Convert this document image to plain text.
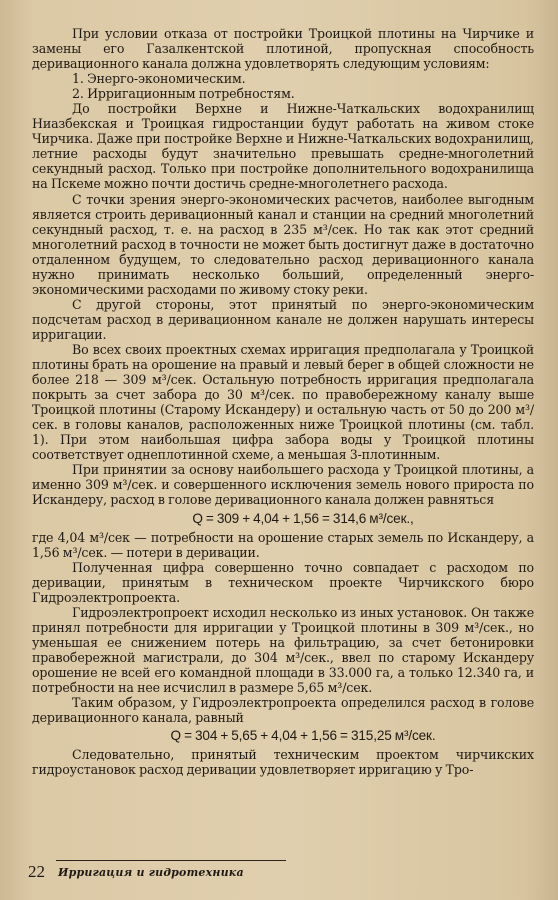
При условии отказа от постройки Троицкой плотины на Чирчике и замены его Газалкентской плотиной, пропускная способность деривационного канала должна удовлетворять следующим условиям:

1. Энерго-экономическим.

2. Ирригационным потребностям.

До постройки Верхне и Нижне-Чаткальских водохранилищ Ниазбекская и Троицкая гидростанции будут работать на живом стоке Чирчика. Даже при постройке Верхне и Нижне-Чаткальских водохранилищ, летние расходы будут значительно превышать средне-многолетний секундный расход. Только при постройке дополнительного водохранилища на Пскеме можно почти достичь средне-многолетнего расхода.

С точки зрения энерго-экономических расчетов, наиболее выгодным является строить деривационный канал и станции на средний многолетний секундный расход, т. е. на расход в 235 м³/сек. Но так как этот средний многолетний расход в точности не может быть достигнут даже в достаточно отдаленном будущем, то следовательно расход деривационного канала нужно принимать несколько больший, определенный энерго-экономическими расходами по живому стоку реки.

С другой стороны, этот принятый по энерго-экономическим подсчетам расход в деривационном канале не должен нарушать интересы ирригации.

Во всех своих проектных схемах ирригация предполагала у Троицкой плотины брать на орошение на правый и левый берег в общей сложности не более 218 — 309 м³/сек. Остальную потребность ирригация предполагала покрыть за счет забора до 30 м³/сек. по правобережному каналу выше Троицкой плотины (Старому Искандеру) и остальную часть от 50 до 200 м³/сек. в головы каналов, расположенных ниже Троицкой плотины (см. табл. 1). При этом наибольшая цифра забора воды у Троицкой плотины соответствует однеплотинной схеме, а меньшая 3-плотинным.

При принятии за основу наибольшего расхода у Троицкой плотины, а именно 309 м³/сек. и совершенного исключения земель нового прироста по Искандеру, расход в голове деривационного канала должен равняться

Q = 309 + 4,04 + 1,56 = 314,6 м³/сек.,

где 4,04 м³/сек — потребности на орошение старых земель по Искандеру, а 1,56 м³/сек. — потери в деривации.

Полученная цифра совершенно точно совпадает с расходом по деривации, принятым в техническом проекте Чирчикского бюро Гидроэлектропроекта.

Гидроэлектропроект исходил несколько из иных установок. Он также принял потребности для ирригации у Троицкой плотины в 309 м³/сек., но уменьшая ее снижением потерь на фильтрацию, за счет бетонировки правобережной магистрали, до 304 м³/сек., ввел по старому Искандеру орошение не всей его командной площади в 33.000 га, а только 12.340 га, и потребности на нее исчислил в размере 5,65 м³/сек.

Таким образом, у Гидроэлектропроекта определился расход в голове деривационного канала, равный

Q = 304 + 5,65 + 4,04 + 1,56 = 315,25 м³/сек.

Следовательно, принятый техническим проектом чирчикских гидроустановок расход деривации удовлетворяет ирригацию у Тро-

22 Ирригация и гидротехника
